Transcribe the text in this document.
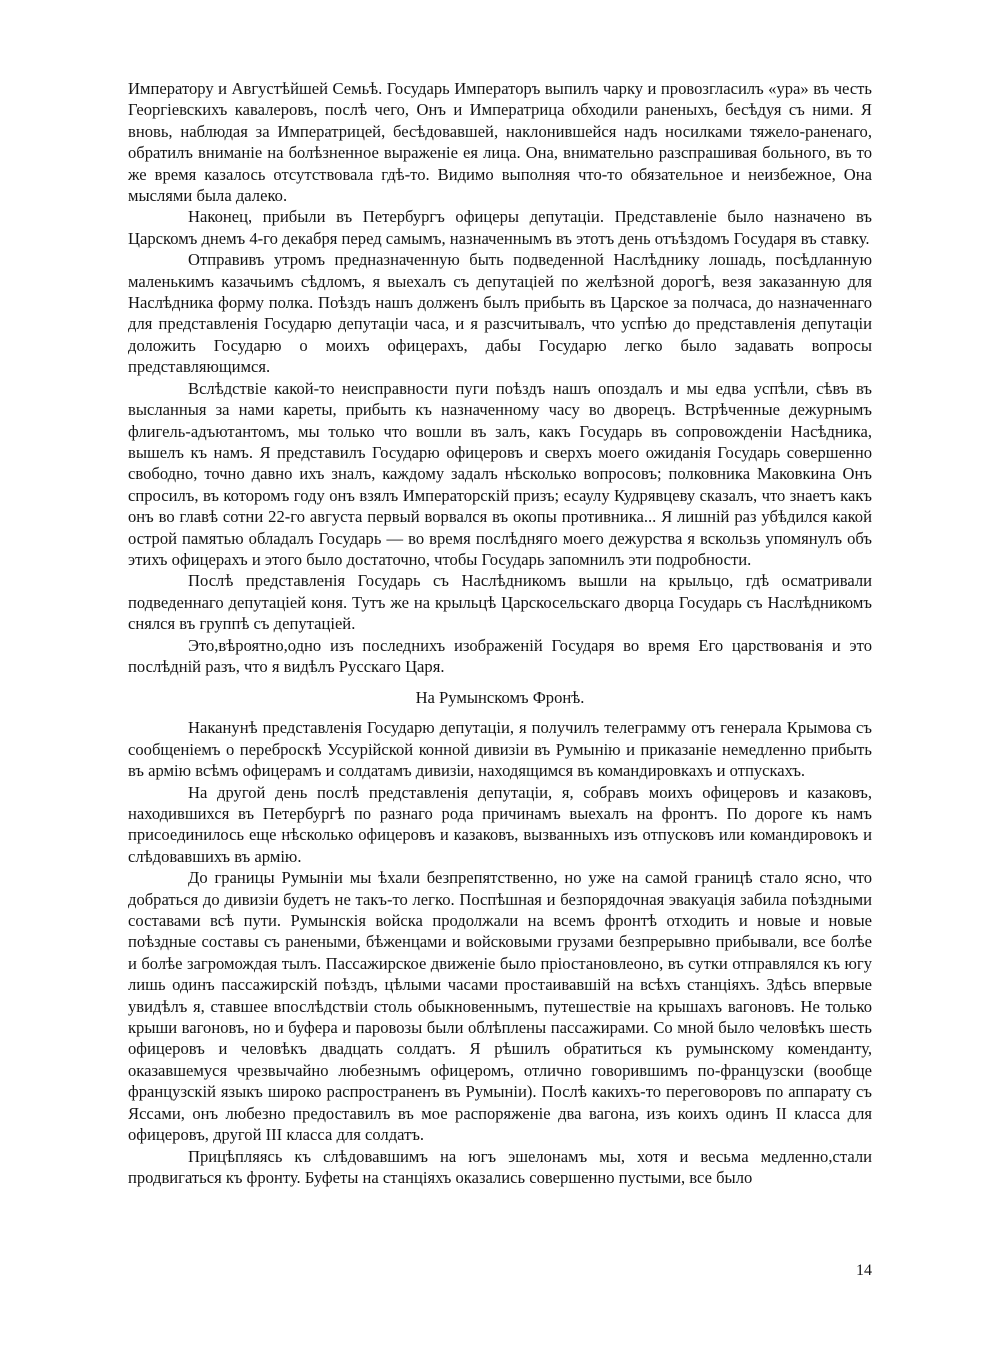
Императору и Августѣйшей Семьѣ. Государь Императоръ выпилъ чарку и провозгласилъ «ура» въ честь Георгіевскихъ кавалеровъ, послѣ чего, Онъ и Императрица обходили раненыхъ, бесѣдуя съ ними. Я вновь, наблюдая за Императрицей, бесѣдовавшей, наклонившейся надъ носилками тяжело-раненаго, обратилъ вниманіе на болѣзненное выраженіе ея лица. Она, внимательно разспрашивая больного, въ то же время казалось отсутствовала гдѣ-то. Видимо выполняя что-то обязательное и неизбежное, Она мыслями была далеко.

Наконец, прибыли въ Петербургъ офицеры депутаціи. Представленіе было назначено въ Царскомъ днемъ 4-го декабря перед самымъ, назначеннымъ въ этотъ день отъѣздомъ Государя въ ставку.

Отправивъ утромъ предназначенную быть подведенной Наслѣднику лошадь, посѣдланную маленькимъ казачьимъ сѣдломъ, я выехалъ съ депутаціей по желѣзной дорогѣ, везя заказанную для Наслѣдника форму полка. Поѣздъ нашъ долженъ былъ прибыть въ Царское за полчаса, до назначеннаго для представленія Государю депутаціи часа, и я разсчитывалъ, что успѣю до представленія депутаціи доложить Государю о моихъ офицерахъ, дабы Государю легко было задавать вопросы представляющимся.

Вслѣдствіе какой-то неисправности пуги поѣздъ нашъ опоздалъ и мы едва успѣли, сѣвъ въ высланныя за нами кареты, прибыть къ назначенному часу во дворецъ. Встрѣченные дежурнымъ флигель-адъютантомъ, мы только что вошли въ залъ, какъ Государь въ сопровожденіи Насѣдника, вышелъ къ намъ. Я представилъ Государю офицеровъ и сверхъ моего ожиданія Государь совершенно свободно, точно давно ихъ зналъ, каждому задалъ нѣсколько вопросовъ; полковника Маковкина Онъ спросилъ, въ которомъ году онъ взялъ Императорскій призъ; есаулу Кудрявцеву сказалъ, что знаетъ какъ онъ во главѣ сотни 22-го августа первый ворвался въ окопы противника... Я лишній раз убѣдился какой острой памятью обладалъ Государь — во время послѣдняго моего дежурства я вскользь упомянулъ объ этихъ офицерахъ и этого было достаточно, чтобы Государь запомнилъ эти подробности.

Послѣ представленія Государь съ Наслѣдникомъ вышли на крыльцо, гдѣ осматривали подведеннаго депутаціей коня. Тутъ же на крыльцѣ Царскосельскаго дворца Государь съ Наслѣдникомъ снялся въ группѣ съ депутаціей.

Это,вѣроятно,одно изъ последнихъ изображеній Государя во время Его царствованія и это послѣдній разъ, что я видѣлъ Русскаго Царя.

На Румынскомъ Фронѣ.

Наканунѣ представленія Государю депутаціи, я получилъ телеграмму отъ генерала Крымова съ сообщеніемъ о переброскѣ Уссурійской конной дивизіи въ Румынію и приказаніе немедленно прибыть въ армію всѣмъ офицерамъ и солдатамъ дивизіи, находящимся въ командировкахъ и отпускахъ.

На другой день послѣ представленія депутаціи, я, собравъ моихъ офицеровъ и казаковъ, находившихся въ Петербургѣ по разнаго рода причинамъ выехалъ на фронтъ. По дороге къ намъ присоединилось еще нѣсколько офицеровъ и казаковъ, вызванныхъ изъ отпусковъ или командировокъ и слѣдовавшихъ въ армію.

До границы Румыніи мы ѣхали безпрепятственно, но уже на самой границѣ стало ясно, что добраться до дивизіи будетъ не такъ-то легко. Поспѣшная и безпорядочная эвакуація забила поѣздными составами всѣ пути. Румынскія войска продолжали на всемъ фронтѣ отходить и новые и новые поѣздные составы съ ранеными, бѣженцами и войсковыми грузами безпрерывно прибывали, все болѣе и болѣе загромождая тылъ. Пассажирское движеніе было пріостановлеоно, въ сутки отправлялся къ югу лишь одинъ пассажирскій поѣздъ, цѣлыми часами простаивавшій на всѣхъ станціяхъ. Здѣсь впервые увидѣлъ я, ставшее впослѣдствіи столь обыкновеннымъ, путешествіе на крышахъ вагоновъ. Не только крыши вагоновъ, но и буфера и паровозы были облѣплены пассажирами. Со мной было человѣкъ шесть офицеровъ и человѣкъ двадцать солдатъ. Я рѣшилъ обратиться къ румынскому коменданту, оказавшемуся чрезвычайно любезнымъ офицеромъ, отлично говорившимъ по-французски (вообще французскій языкъ широко распространенъ въ Румыніи). Послѣ какихъ-то переговоровъ по аппарату съ Яссами, онъ любезно предоставилъ въ мое распоряженіе два вагона, изъ коихъ одинъ II класса для офицеровъ, другой III класса для солдатъ.

Прицѣпляясь къ слѣдовавшимъ на югъ эшелонамъ мы, хотя и весьма медленно,стали продвигаться къ фронту. Буфеты на станціяхъ оказались совершенно пустыми, все было

14
